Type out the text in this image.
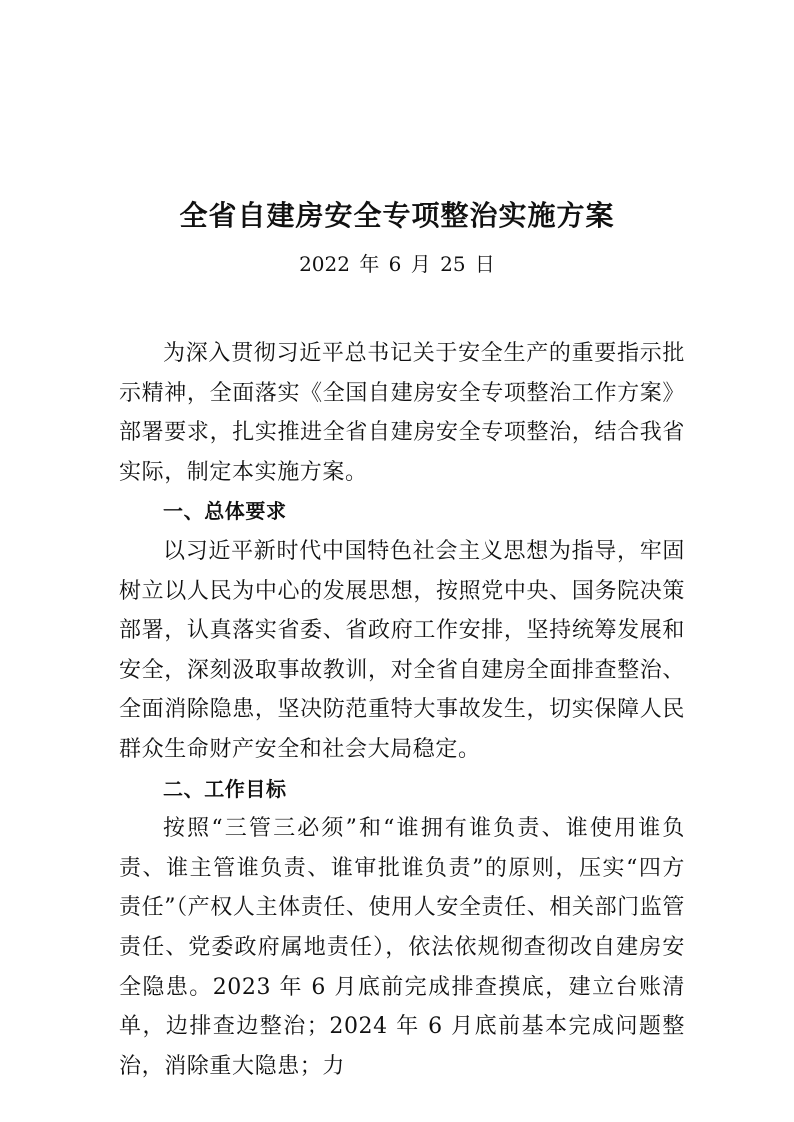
全省自建房安全专项整治实施方案
2022 年 6 月 25 日

为深入贯彻习近平总书记关于安全生产的重要指示批示精神，全面落实《全国自建房安全专项整治工作方案》部署要求，扎实推进全省自建房安全专项整治，结合我省实际，制定本实施方案。

一、总体要求

以习近平新时代中国特色社会主义思想为指导，牢固树立以人民为中心的发展思想，按照党中央、国务院决策部署，认真落实省委、省政府工作安排，坚持统筹发展和安全，深刻汲取事故教训，对全省自建房全面排查整治、全面消除隐患，坚决防范重特大事故发生，切实保障人民群众生命财产安全和社会大局稳定。

二、工作目标

按照“三管三必须”和“谁拥有谁负责、谁使用谁负责、谁主管谁负责、谁审批谁负责”的原则，压实“四方责任”（产权人主体责任、使用人安全责任、相关部门监管责任、党委政府属地责任），依法依规彻查彻改自建房安全隐患。2023 年 6 月底前完成排查摸底，建立台账清单，边排查边整治；2024 年 6 月底前基本完成问题整治，消除重大隐患；力
